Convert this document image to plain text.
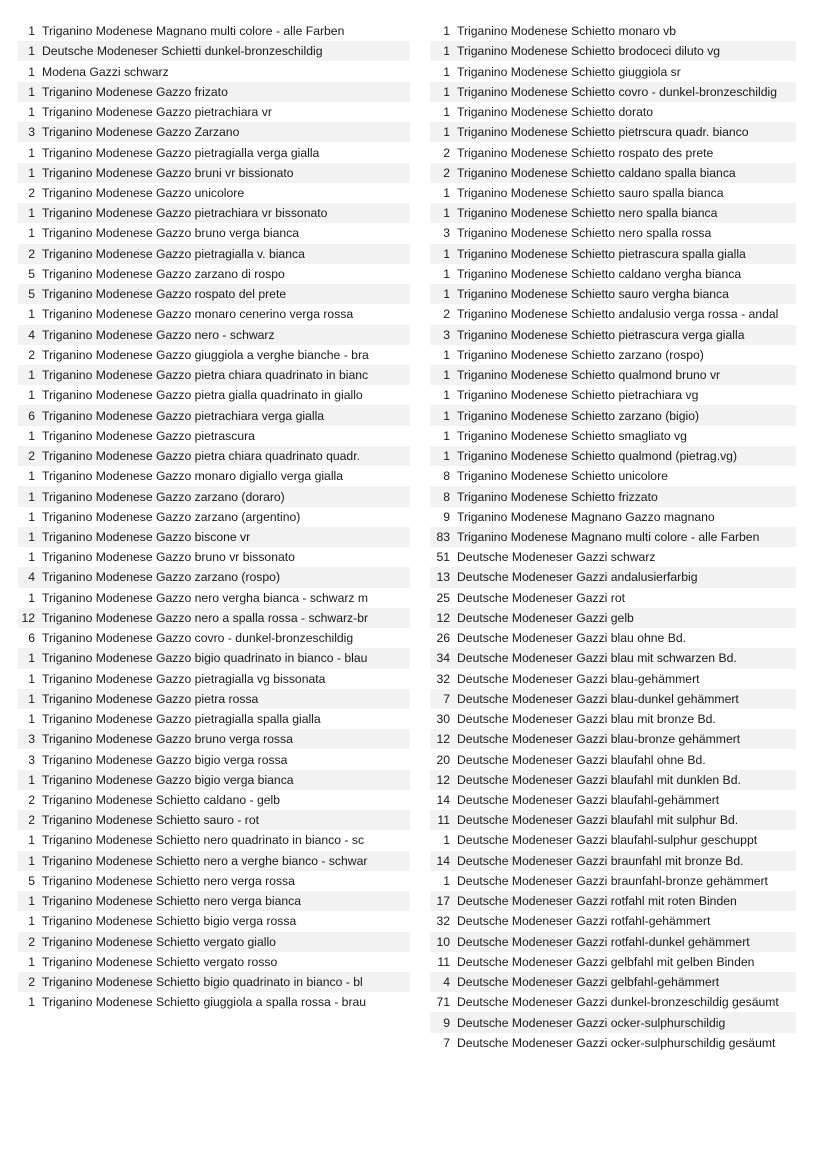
1 Triganino Modenese Magnano multi colore - alle Farben
1 Deutsche Modeneser Schietti dunkel-bronzeschildig
1 Modena Gazzi schwarz
1 Triganino Modenese Gazzo frizato
1 Triganino Modenese Gazzo pietrachiara vr
3 Triganino Modenese Gazzo Zarzano
1 Triganino Modenese Gazzo pietragialla verga gialla
1 Triganino Modenese Gazzo bruni vr bissionato
2 Triganino Modenese Gazzo unicolore
1 Triganino Modenese Gazzo pietrachiara vr bissonato
1 Triganino Modenese Gazzo bruno verga bianca
2 Triganino Modenese Gazzo pietragialla v. bianca
5 Triganino Modenese Gazzo zarzano di rospo
5 Triganino Modenese Gazzo rospato del prete
1 Triganino Modenese Gazzo monaro cenerino verga rossa
4 Triganino Modenese Gazzo nero - schwarz
2 Triganino Modenese Gazzo giuggiola a verghe bianche - bra
1 Triganino Modenese Gazzo pietra chiara quadrinato in bianc
1 Triganino Modenese Gazzo pietra gialla quadrinato in giallo
6 Triganino Modenese Gazzo pietrachiara verga gialla
1 Triganino Modenese Gazzo pietrascura
2 Triganino Modenese Gazzo pietra chiara quadrinato quadr.
1 Triganino Modenese Gazzo monaro digiallo verga gialla
1 Triganino Modenese Gazzo zarzano (doraro)
1 Triganino Modenese Gazzo zarzano (argentino)
1 Triganino Modenese Gazzo biscone vr
1 Triganino Modenese Gazzo bruno vr bissonato
4 Triganino Modenese Gazzo zarzano (rospo)
1 Triganino Modenese Gazzo nero vergha bianca - schwarz m
12 Triganino Modenese Gazzo nero a spalla rossa - schwarz-br
6 Triganino Modenese Gazzo covro - dunkel-bronzeschildig
1 Triganino Modenese Gazzo bigio quadrinato in bianco - blau
1 Triganino Modenese Gazzo pietragialla vg bissonata
1 Triganino Modenese Gazzo pietra rossa
1 Triganino Modenese Gazzo pietragialla spalla gialla
3 Triganino Modenese Gazzo bruno verga rossa
3 Triganino Modenese Gazzo bigio verga rossa
1 Triganino Modenese Gazzo bigio verga bianca
2 Triganino Modenese Schietto caldano - gelb
2 Triganino Modenese Schietto sauro - rot
1 Triganino Modenese Schietto nero quadrinato in bianco - sc
1 Triganino Modenese Schietto nero a verghe bianco - schwar
5 Triganino Modenese Schietto nero verga rossa
1 Triganino Modenese Schietto nero verga bianca
1 Triganino Modenese Schietto bigio verga rossa
2 Triganino Modenese Schietto vergato giallo
1 Triganino Modenese Schietto vergato rosso
2 Triganino Modenese Schietto bigio quadrinato in bianco - bl
1 Triganino Modenese Schietto giuggiola a spalla rossa - brau
1 Triganino Modenese Schietto monaro vb
1 Triganino Modenese Schietto brodoceci diluto vg
1 Triganino Modenese Schietto giuggiola sr
1 Triganino Modenese Schietto covro - dunkel-bronzeschildig
1 Triganino Modenese Schietto dorato
1 Triganino Modenese Schietto pietrscura quadr. bianco
2 Triganino Modenese Schietto rospato des prete
2 Triganino Modenese Schietto caldano spalla bianca
1 Triganino Modenese Schietto sauro spalla bianca
1 Triganino Modenese Schietto nero spalla bianca
3 Triganino Modenese Schietto nero spalla rossa
1 Triganino Modenese Schietto pietrascura spalla gialla
1 Triganino Modenese Schietto caldano vergha bianca
1 Triganino Modenese Schietto sauro vergha bianca
2 Triganino Modenese Schietto andalusio verga rossa - andal
3 Triganino Modenese Schietto pietrascura verga gialla
1 Triganino Modenese Schietto zarzano (rospo)
1 Triganino Modenese Schietto qualmond bruno vr
1 Triganino Modenese Schietto pietrachiara vg
1 Triganino Modenese Schietto zarzano (bigio)
1 Triganino Modenese Schietto smagliato vg
1 Triganino Modenese Schietto qualmond (pietrag.vg)
8 Triganino Modenese Schietto unicolore
8 Triganino Modenese Schietto frizzato
9 Triganino Modenese Magnano Gazzo magnano
83 Triganino Modenese Magnano multi colore - alle Farben
51 Deutsche Modeneser Gazzi schwarz
13 Deutsche Modeneser Gazzi andalusierfarbig
25 Deutsche Modeneser Gazzi rot
12 Deutsche Modeneser Gazzi gelb
26 Deutsche Modeneser Gazzi blau ohne Bd.
34 Deutsche Modeneser Gazzi blau mit schwarzen Bd.
32 Deutsche Modeneser Gazzi blau-gehämmert
7 Deutsche Modeneser Gazzi blau-dunkel gehämmert
30 Deutsche Modeneser Gazzi blau mit bronze Bd.
12 Deutsche Modeneser Gazzi blau-bronze gehämmert
20 Deutsche Modeneser Gazzi blaufahl ohne Bd.
12 Deutsche Modeneser Gazzi blaufahl mit dunklen Bd.
14 Deutsche Modeneser Gazzi blaufahl-gehämmert
11 Deutsche Modeneser Gazzi blaufahl mit sulphur Bd.
1 Deutsche Modeneser Gazzi blaufahl-sulphur geschuppt
14 Deutsche Modeneser Gazzi braunfahl mit bronze Bd.
1 Deutsche Modeneser Gazzi braunfahl-bronze gehämmert
17 Deutsche Modeneser Gazzi rotfahl mit roten Binden
32 Deutsche Modeneser Gazzi rotfahl-gehämmert
10 Deutsche Modeneser Gazzi rotfahl-dunkel gehämmert
11 Deutsche Modeneser Gazzi gelbfahl mit gelben Binden
4 Deutsche Modeneser Gazzi gelbfahl-gehämmert
71 Deutsche Modeneser Gazzi dunkel-bronzeschildig gesäumt
9 Deutsche Modeneser Gazzi ocker-sulphurschildig
7 Deutsche Modeneser Gazzi ocker-sulphurschildig gesäumt
